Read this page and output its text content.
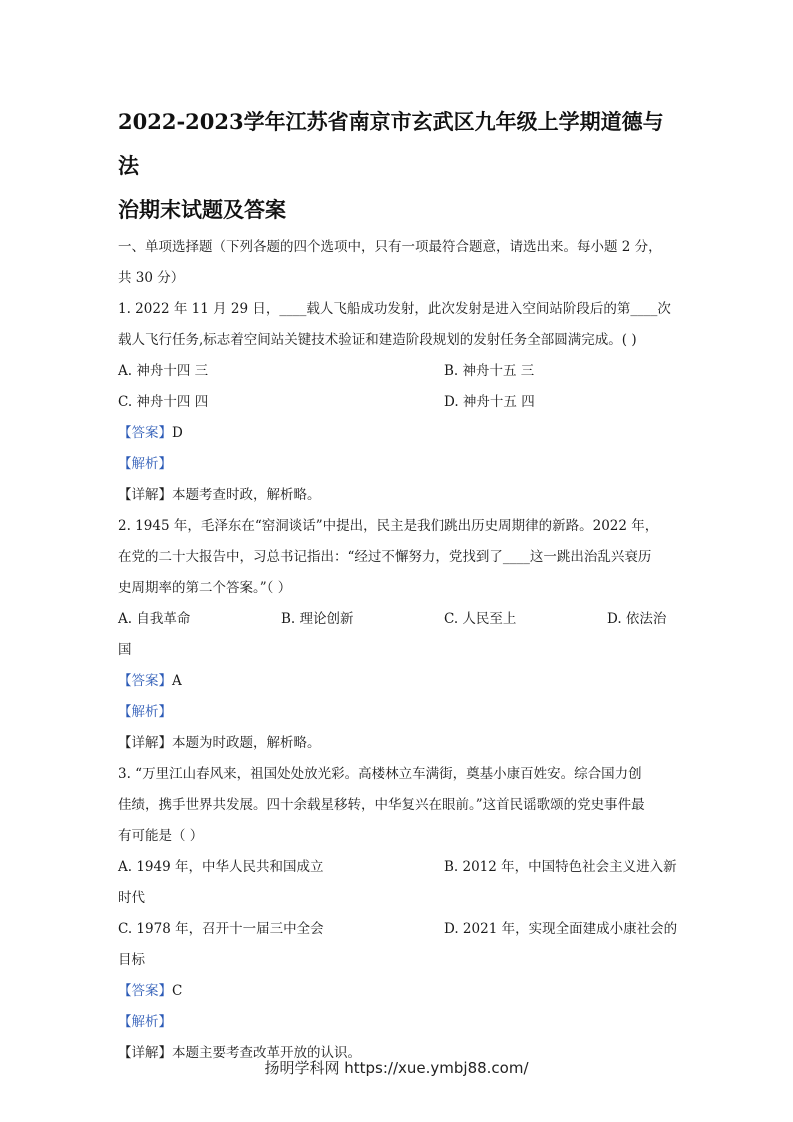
2022-2023学年江苏省南京市玄武区九年级上学期道德与法
治期末试题及答案

一、单项选择题（下列各题的四个选项中，只有一项最符合题意，请选出来。每小题 2 分，

共 30 分）

1. 2022 年 11 月 29 日，____载人飞船成功发射，此次发射是进入空间站阶段后的第____次

载人飞行任务,标志着空间站关键技术验证和建造阶段规划的发射任务全部圆满完成。( )

A. 神舟十四 三	B. 神舟十五 三
C. 神舟十四 四	D. 神舟十五 四

【答案】D

【解析】

【详解】本题考查时政，解析略。

2. 1945 年，毛泽东在“窑洞谈话”中提出，民主是我们跳出历史周期律的新路。2022 年，

在党的二十大报告中，习总书记指出：“经过不懈努力，党找到了____这一跳出治乱兴衰历

史周期率的第二个答案。”（ ）

A. 自我革命	B. 理论创新	C. 人民至上	D. 依法治

国

【答案】A

【解析】

【详解】本题为时政题，解析略。

3. “万里江山春风来，祖国处处放光彩。高楼林立车满街，奠基小康百姓安。综合国力创

佳绩，携手世界共发展。四十余载星移转，中华复兴在眼前。”这首民谣歌颂的党史事件最

有可能是（ ）

A. 1949 年，中华人民共和国成立	B. 2012 年，中国特色社会主义进入新

时代

C. 1978 年，召开十一届三中全会	D. 2021 年，实现全面建成小康社会的

目标

【答案】C

【解析】

【详解】本题主要考查改革开放的认识。

扬明学科网 https://xue.ymbj88.com/
